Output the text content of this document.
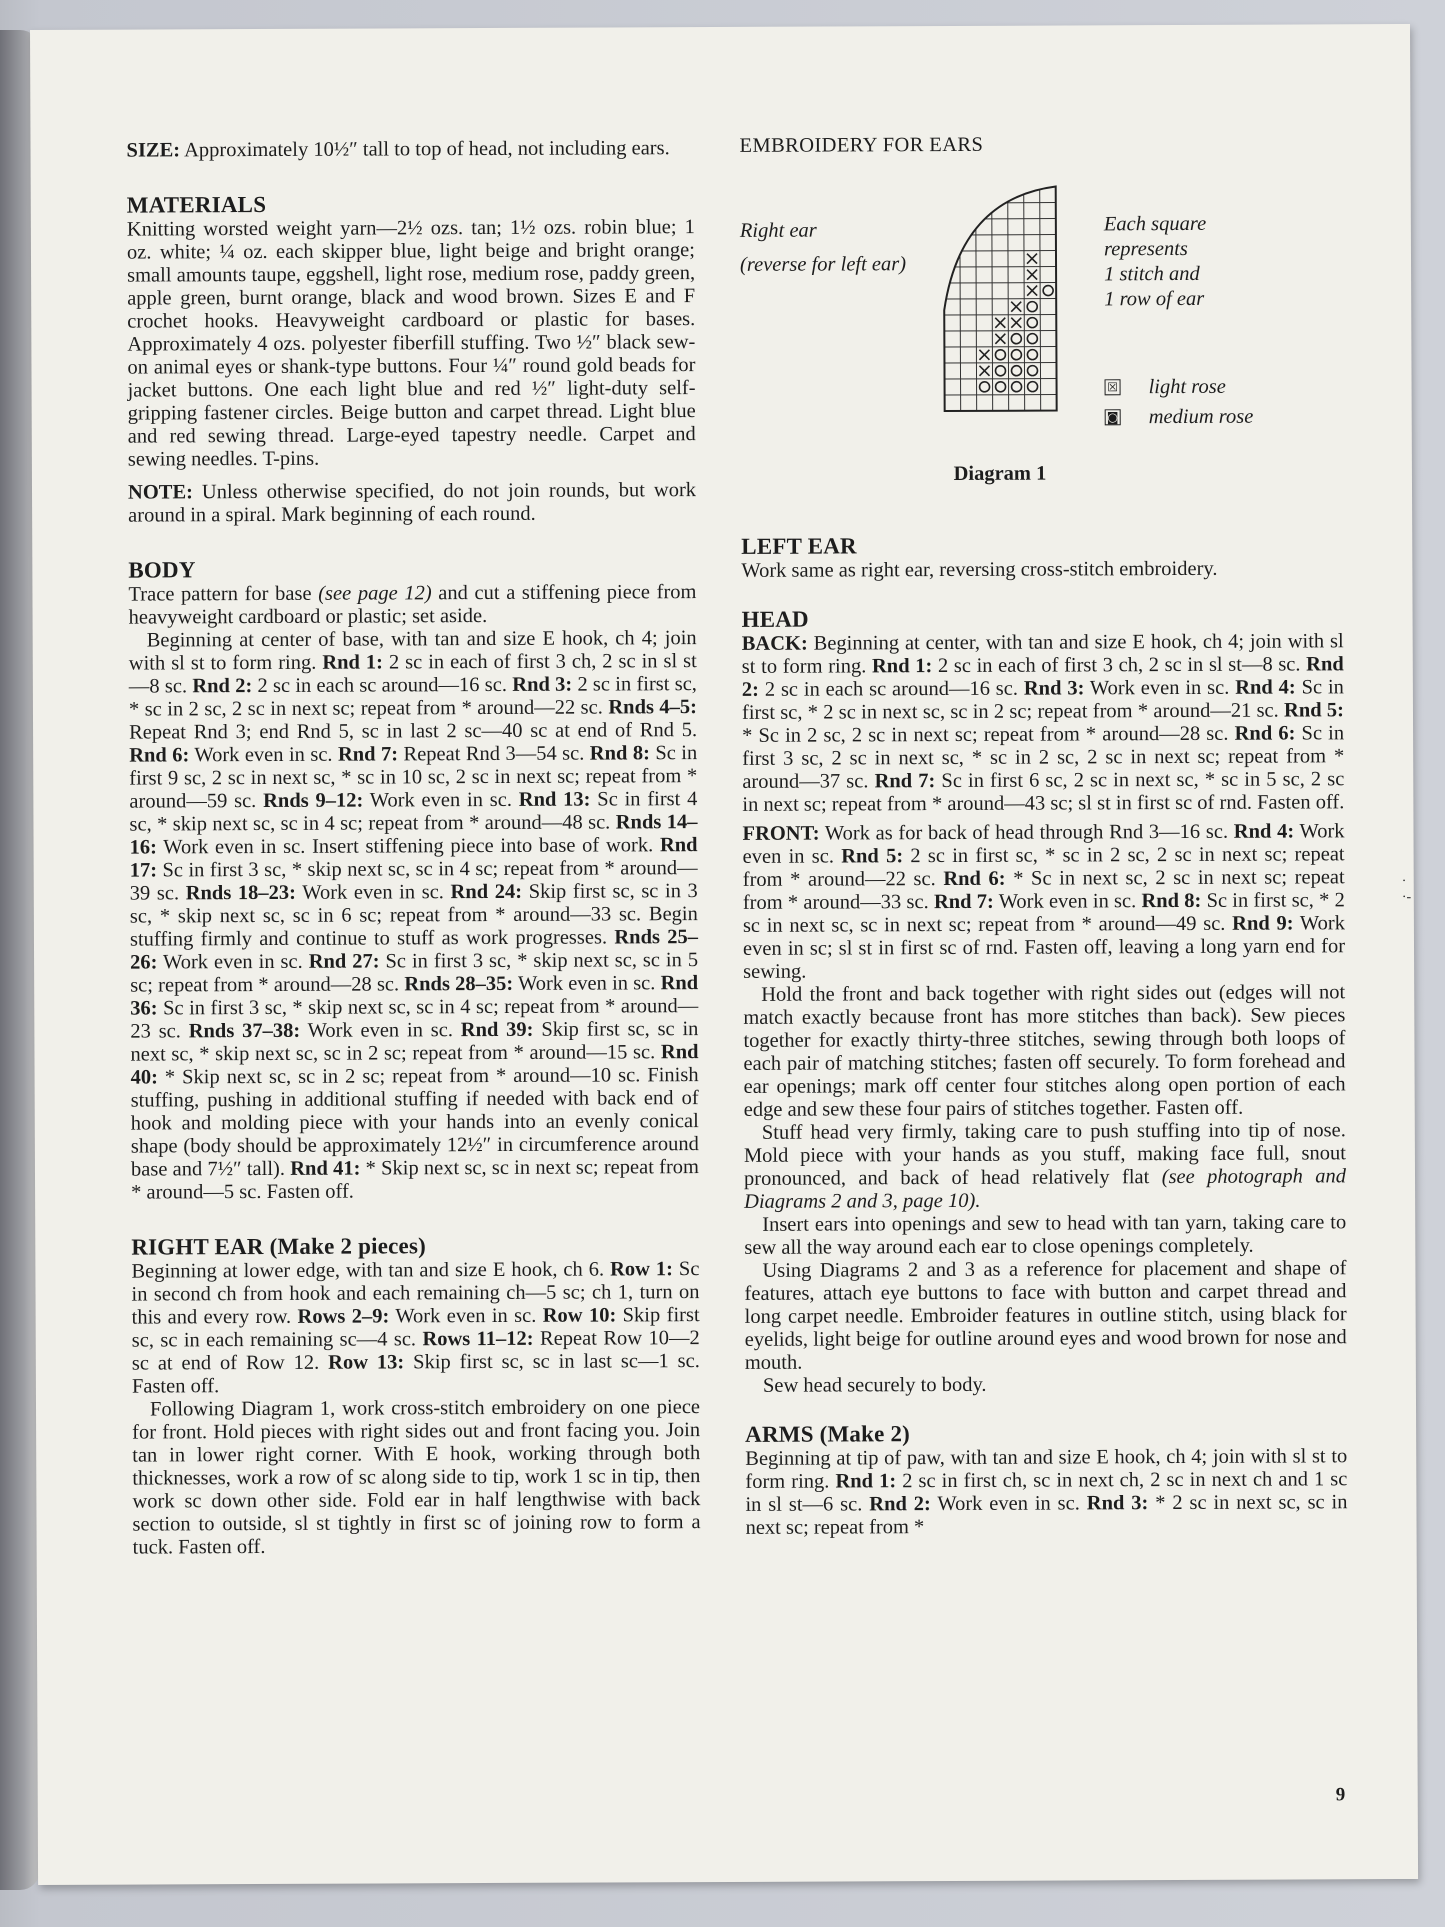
SIZE: Approximately 10½″ tall to top of head, not including ears.

MATERIALS

Knitting worsted weight yarn—2½ ozs. tan; 1½ ozs. robin blue; 1 oz. white; ¼ oz. each skipper blue, light beige and bright orange; small amounts taupe, eggshell, light rose, medium rose, paddy green, apple green, burnt orange, black and wood brown. Sizes E and F crochet hooks. Heavyweight cardboard or plastic for bases. Approximately 4 ozs. polyester fiberfill stuffing. Two ½″ black sew-on animal eyes or shank-type buttons. Four ¼″ round gold beads for jacket buttons. One each light blue and red ½″ light-duty self-gripping fastener circles. Beige button and carpet thread. Light blue and red sewing thread. Large-eyed tapestry needle. Carpet and sewing needles. T-pins.

NOTE: Unless otherwise specified, do not join rounds, but work around in a spiral. Mark beginning of each round.

BODY

Trace pattern for base (see page 12) and cut a stiffening piece from heavyweight cardboard or plastic; set aside.

Beginning at center of base, with tan and size E hook, ch 4; join with sl st to form ring. Rnd 1: 2 sc in each of first 3 ch, 2 sc in sl st—8 sc. Rnd 2: 2 sc in each sc around—16 sc. Rnd 3: 2 sc in first sc, * sc in 2 sc, 2 sc in next sc; repeat from * around—22 sc. Rnds 4–5: Repeat Rnd 3; end Rnd 5, sc in last 2 sc—40 sc at end of Rnd 5. Rnd 6: Work even in sc. Rnd 7: Repeat Rnd 3—54 sc. Rnd 8: Sc in first 9 sc, 2 sc in next sc, * sc in 10 sc, 2 sc in next sc; repeat from * around—59 sc. Rnds 9–12: Work even in sc. Rnd 13: Sc in first 4 sc, * skip next sc, sc in 4 sc; repeat from * around—48 sc. Rnds 14–16: Work even in sc. Insert stiffening piece into base of work. Rnd 17: Sc in first 3 sc, * skip next sc, sc in 4 sc; repeat from * around—39 sc. Rnds 18–23: Work even in sc. Rnd 24: Skip first sc, sc in 3 sc, * skip next sc, sc in 6 sc; repeat from * around—33 sc. Begin stuffing firmly and continue to stuff as work progresses. Rnds 25–26: Work even in sc. Rnd 27: Sc in first 3 sc, * skip next sc, sc in 5 sc; repeat from * around—28 sc. Rnds 28–35: Work even in sc. Rnd 36: Sc in first 3 sc, * skip next sc, sc in 4 sc; repeat from * around—23 sc. Rnds 37–38: Work even in sc. Rnd 39: Skip first sc, sc in next sc, * skip next sc, sc in 2 sc; repeat from * around—15 sc. Rnd 40: * Skip next sc, sc in 2 sc; repeat from * around—10 sc. Finish stuffing, pushing in additional stuffing if needed with back end of hook and molding piece with your hands into an evenly conical shape (body should be approximately 12½″ in circumference around base and 7½″ tall). Rnd 41: * Skip next sc, sc in next sc; repeat from * around—5 sc. Fasten off.

RIGHT EAR (Make 2 pieces)

Beginning at lower edge, with tan and size E hook, ch 6. Row 1: Sc in second ch from hook and each remaining ch—5 sc; ch 1, turn on this and every row. Rows 2–9: Work even in sc. Row 10: Skip first sc, sc in each remaining sc—4 sc. Rows 11–12: Repeat Row 10—2 sc at end of Row 12. Row 13: Skip first sc, sc in last sc—1 sc. Fasten off.

Following Diagram 1, work cross-stitch embroidery on one piece for front. Hold pieces with right sides out and front facing you. Join tan in lower right corner. With E hook, working through both thicknesses, work a row of sc along side to tip, work 1 sc in tip, then work sc down other side. Fold ear in half lengthwise with back section to outside, sl st tightly in first sc of joining row to form a tuck. Fasten off.

EMBROIDERY FOR EARS
Right ear
(reverse for left ear)
Diagram 1
Each square
represents
1 stitch and
1 row of ear
☒ light rose
◙ medium rose
LEFT EAR

Work same as right ear, reversing cross-stitch embroidery.

HEAD

BACK: Beginning at center, with tan and size E hook, ch 4; join with sl st to form ring. Rnd 1: 2 sc in each of first 3 ch, 2 sc in sl st—8 sc. Rnd 2: 2 sc in each sc around—16 sc. Rnd 3: Work even in sc. Rnd 4: Sc in first sc, * 2 sc in next sc, sc in 2 sc; repeat from * around—21 sc. Rnd 5: * Sc in 2 sc, 2 sc in next sc; repeat from * around—28 sc. Rnd 6: Sc in first 3 sc, 2 sc in next sc, * sc in 2 sc, 2 sc in next sc; repeat from * around—37 sc. Rnd 7: Sc in first 6 sc, 2 sc in next sc, * sc in 5 sc, 2 sc in next sc; repeat from * around—43 sc; sl st in first sc of rnd. Fasten off.

FRONT: Work as for back of head through Rnd 3—16 sc. Rnd 4: Work even in sc. Rnd 5: 2 sc in first sc, * sc in 2 sc, 2 sc in next sc; repeat from * around—22 sc. Rnd 6: * Sc in next sc, 2 sc in next sc; repeat from * around—33 sc. Rnd 7: Work even in sc. Rnd 8: Sc in first sc, * 2 sc in next sc, sc in next sc; repeat from * around—49 sc. Rnd 9: Work even in sc; sl st in first sc of rnd. Fasten off, leaving a long yarn end for sewing.

Hold the front and back together with right sides out (edges will not match exactly because front has more stitches than back). Sew pieces together for exactly thirty-three stitches, sewing through both loops of each pair of matching stitches; fasten off securely. To form forehead and ear openings; mark off center four stitches along open portion of each edge and sew these four pairs of stitches together. Fasten off.

Stuff head very firmly, taking care to push stuffing into tip of nose. Mold piece with your hands as you stuff, making face full, snout pronounced, and back of head relatively flat (see photograph and Diagrams 2 and 3, page 10).

Insert ears into openings and sew to head with tan yarn, taking care to sew all the way around each ear to close openings completely.

Using Diagrams 2 and 3 as a reference for placement and shape of features, attach eye buttons to face with button and carpet thread and long carpet needle. Embroider features in outline stitch, using black for eyelids, light beige for outline around eyes and wood brown for nose and mouth.

Sew head securely to body.

ARMS (Make 2)

Beginning at tip of paw, with tan and size E hook, ch 4; join with sl st to form ring. Rnd 1: 2 sc in first ch, sc in next ch, 2 sc in next ch and 1 sc in sl st—6 sc. Rnd 2: Work even in sc. Rnd 3: * 2 sc in next sc, sc in next sc; repeat from *

9
· ·‑
